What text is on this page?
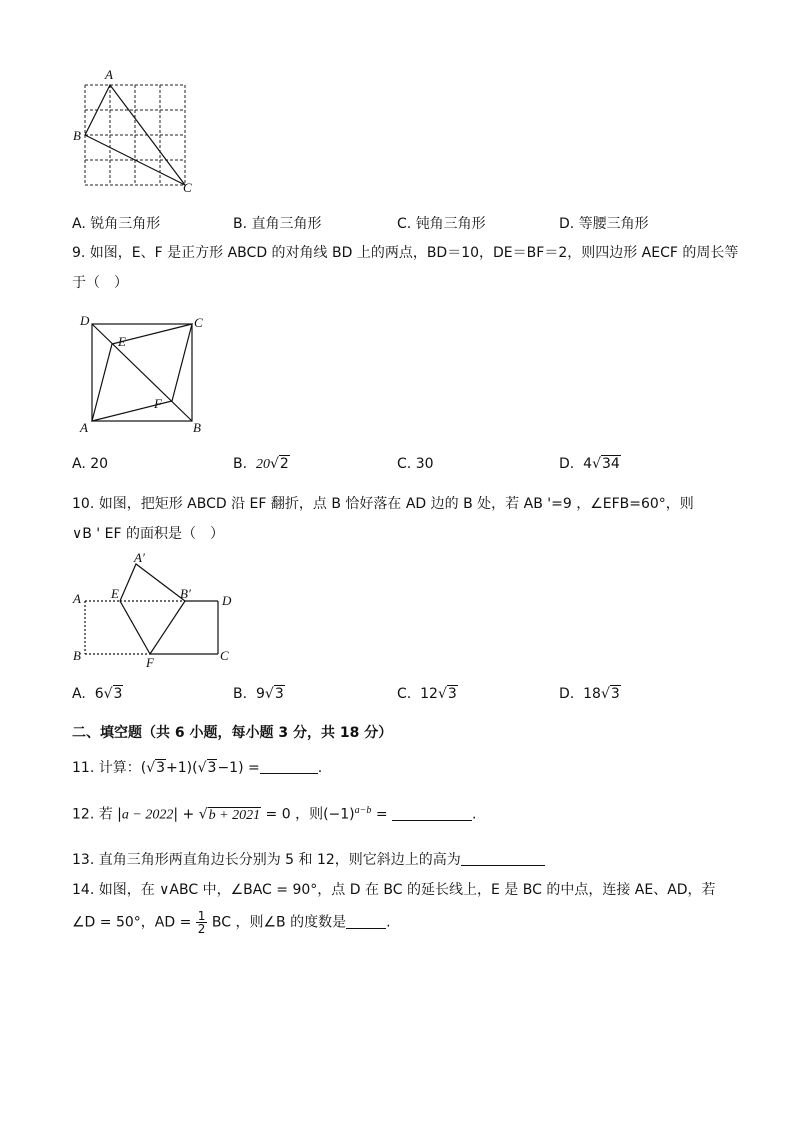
A
B
C
A. 锐角三角形	B. 直角三角形	C. 钝角三角形	D. 等腰三角形
9. 如图，E、F 是正方形 ABCD 的对角线 BD 上的两点，BD＝10，DE＝BF＝2，则四边形 AECF 的周长等
于（　）
D	C
E
F
A	B
A. 20	B. 20√2	C. 30	D. 4√34
10. 如图，把矩形 ABCD 沿 EF 翻折，点 B 恰好落在 AD 边的 B 处，若 AB '=9 ，∠EFB=60°，则
∨B ' EF 的面积是（　）
A′
A E	B′ D
B	F	C
A. 6√3	B. 9√3	C. 12√3	D. 18√3
二、填空题（共 6 小题，每小题 3 分，共 18 分）
11. 计算：(√3+1)(√3−1) =	.
12. 若 |a − 2022| + √b + 2021 = 0 ，则$(-1)^{a-b}$ =	.
13. 直角三角形两直角边长分别为 5 和 12，则它斜边上的高为
14. 如图，在 ∨ABC 中，∠BAC = 90°，点 D 在 BC 的延长线上，E 是 BC 的中点，连接 AE、AD，若
∠D = 50°，AD = $\frac{1}{2}$ BC ，则∠B 的度数是	.
